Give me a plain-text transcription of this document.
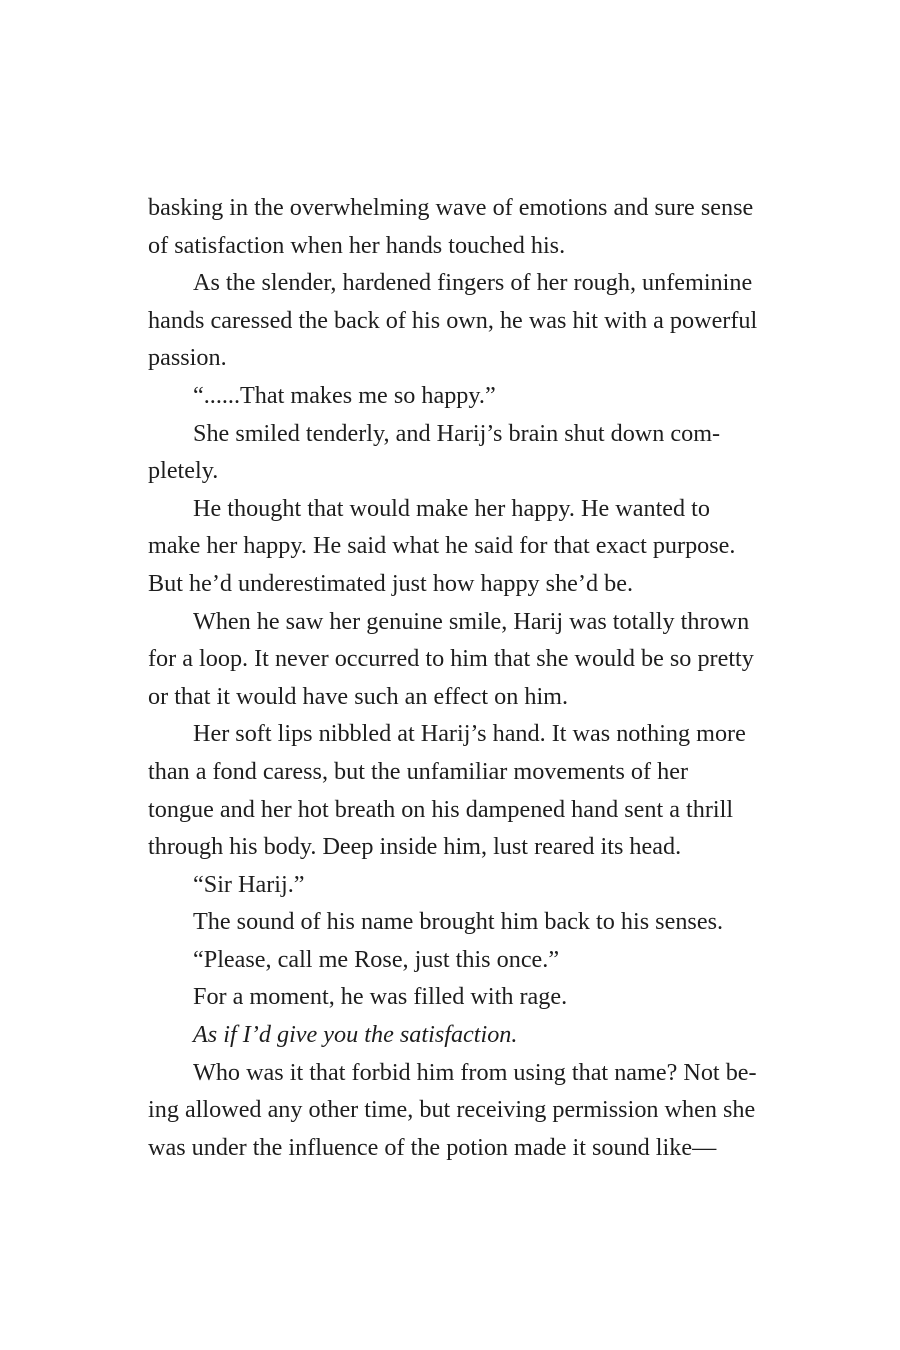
basking in the overwhelming wave of emotions and sure sense
of satisfaction when her hands touched his.
As the slender, hardened fingers of her rough, unfeminine
hands caressed the back of his own, he was hit with a powerful
passion.
“......That makes me so happy.”
She smiled tenderly, and Harij’s brain shut down com-
pletely.
He thought that would make her happy. He wanted to
make her happy. He said what he said for that exact purpose.
But he’d underestimated just how happy she’d be.
When he saw her genuine smile, Harij was totally thrown
for a loop. It never occurred to him that she would be so pretty
or that it would have such an effect on him.
Her soft lips nibbled at Harij’s hand. It was nothing more
than a fond caress, but the unfamiliar movements of her
tongue and her hot breath on his dampened hand sent a thrill
through his body. Deep inside him, lust reared its head.
“Sir Harij.”
The sound of his name brought him back to his senses.
“Please, call me Rose, just this once.”
For a moment, he was filled with rage.
As if I’d give you the satisfaction.
Who was it that forbid him from using that name? Not be-
ing allowed any other time, but receiving permission when she
was under the influence of the potion made it sound like—
